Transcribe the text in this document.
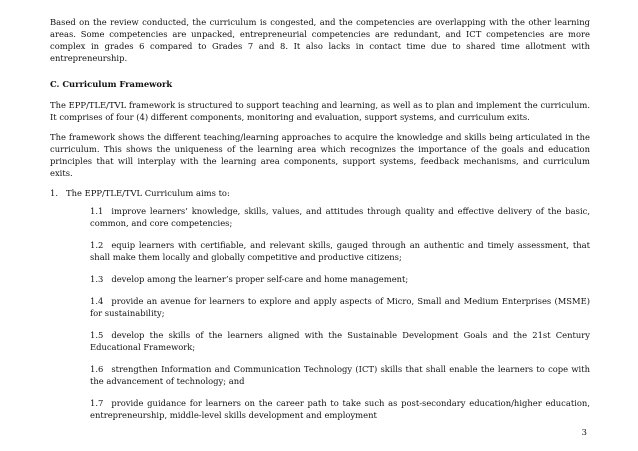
Based on the review conducted, the curriculum is congested, and the competencies are overlapping with the other learning areas. Some competencies are unpacked, entrepreneurial competencies are redundant, and ICT competencies are more complex in grades 6 compared to Grades 7 and 8. It also lacks in contact time due to shared time allotment with entrepreneurship.

C. Curriculum Framework

The EPP/TLE/TVL framework is structured to support teaching and learning, as well as to plan and implement the curriculum. It comprises of four (4) different components, monitoring and evaluation, support systems, and curriculum exits.

The framework shows the different teaching/learning approaches to acquire the knowledge and skills being articulated in the curriculum. This shows the uniqueness of the learning area which recognizes the importance of the goals and education principles that will interplay with the learning area components, support systems, feedback mechanisms, and curriculum exits.

1. The EPP/TLE/TVL Curriculum aims to:

1.1 improve learners’ knowledge, skills, values, and attitudes through quality and effective delivery of the basic, common, and core competencies;

1.2 equip learners with certifiable, and relevant skills, gauged through an authentic and timely assessment, that shall make them locally and globally competitive and productive citizens;

1.3 develop among the learner’s proper self-care and home management;

1.4 provide an avenue for learners to explore and apply aspects of Micro, Small and Medium Enterprises (MSME) for sustainability;

1.5 develop the skills of the learners aligned with the Sustainable Development Goals and the 21st Century Educational Framework;

1.6 strengthen Information and Communication Technology (ICT) skills that shall enable the learners to cope with the advancement of technology; and

1.7 provide guidance for learners on the career path to take such as post-secondary education/higher education, entrepreneurship, middle-level skills development and employment

3
